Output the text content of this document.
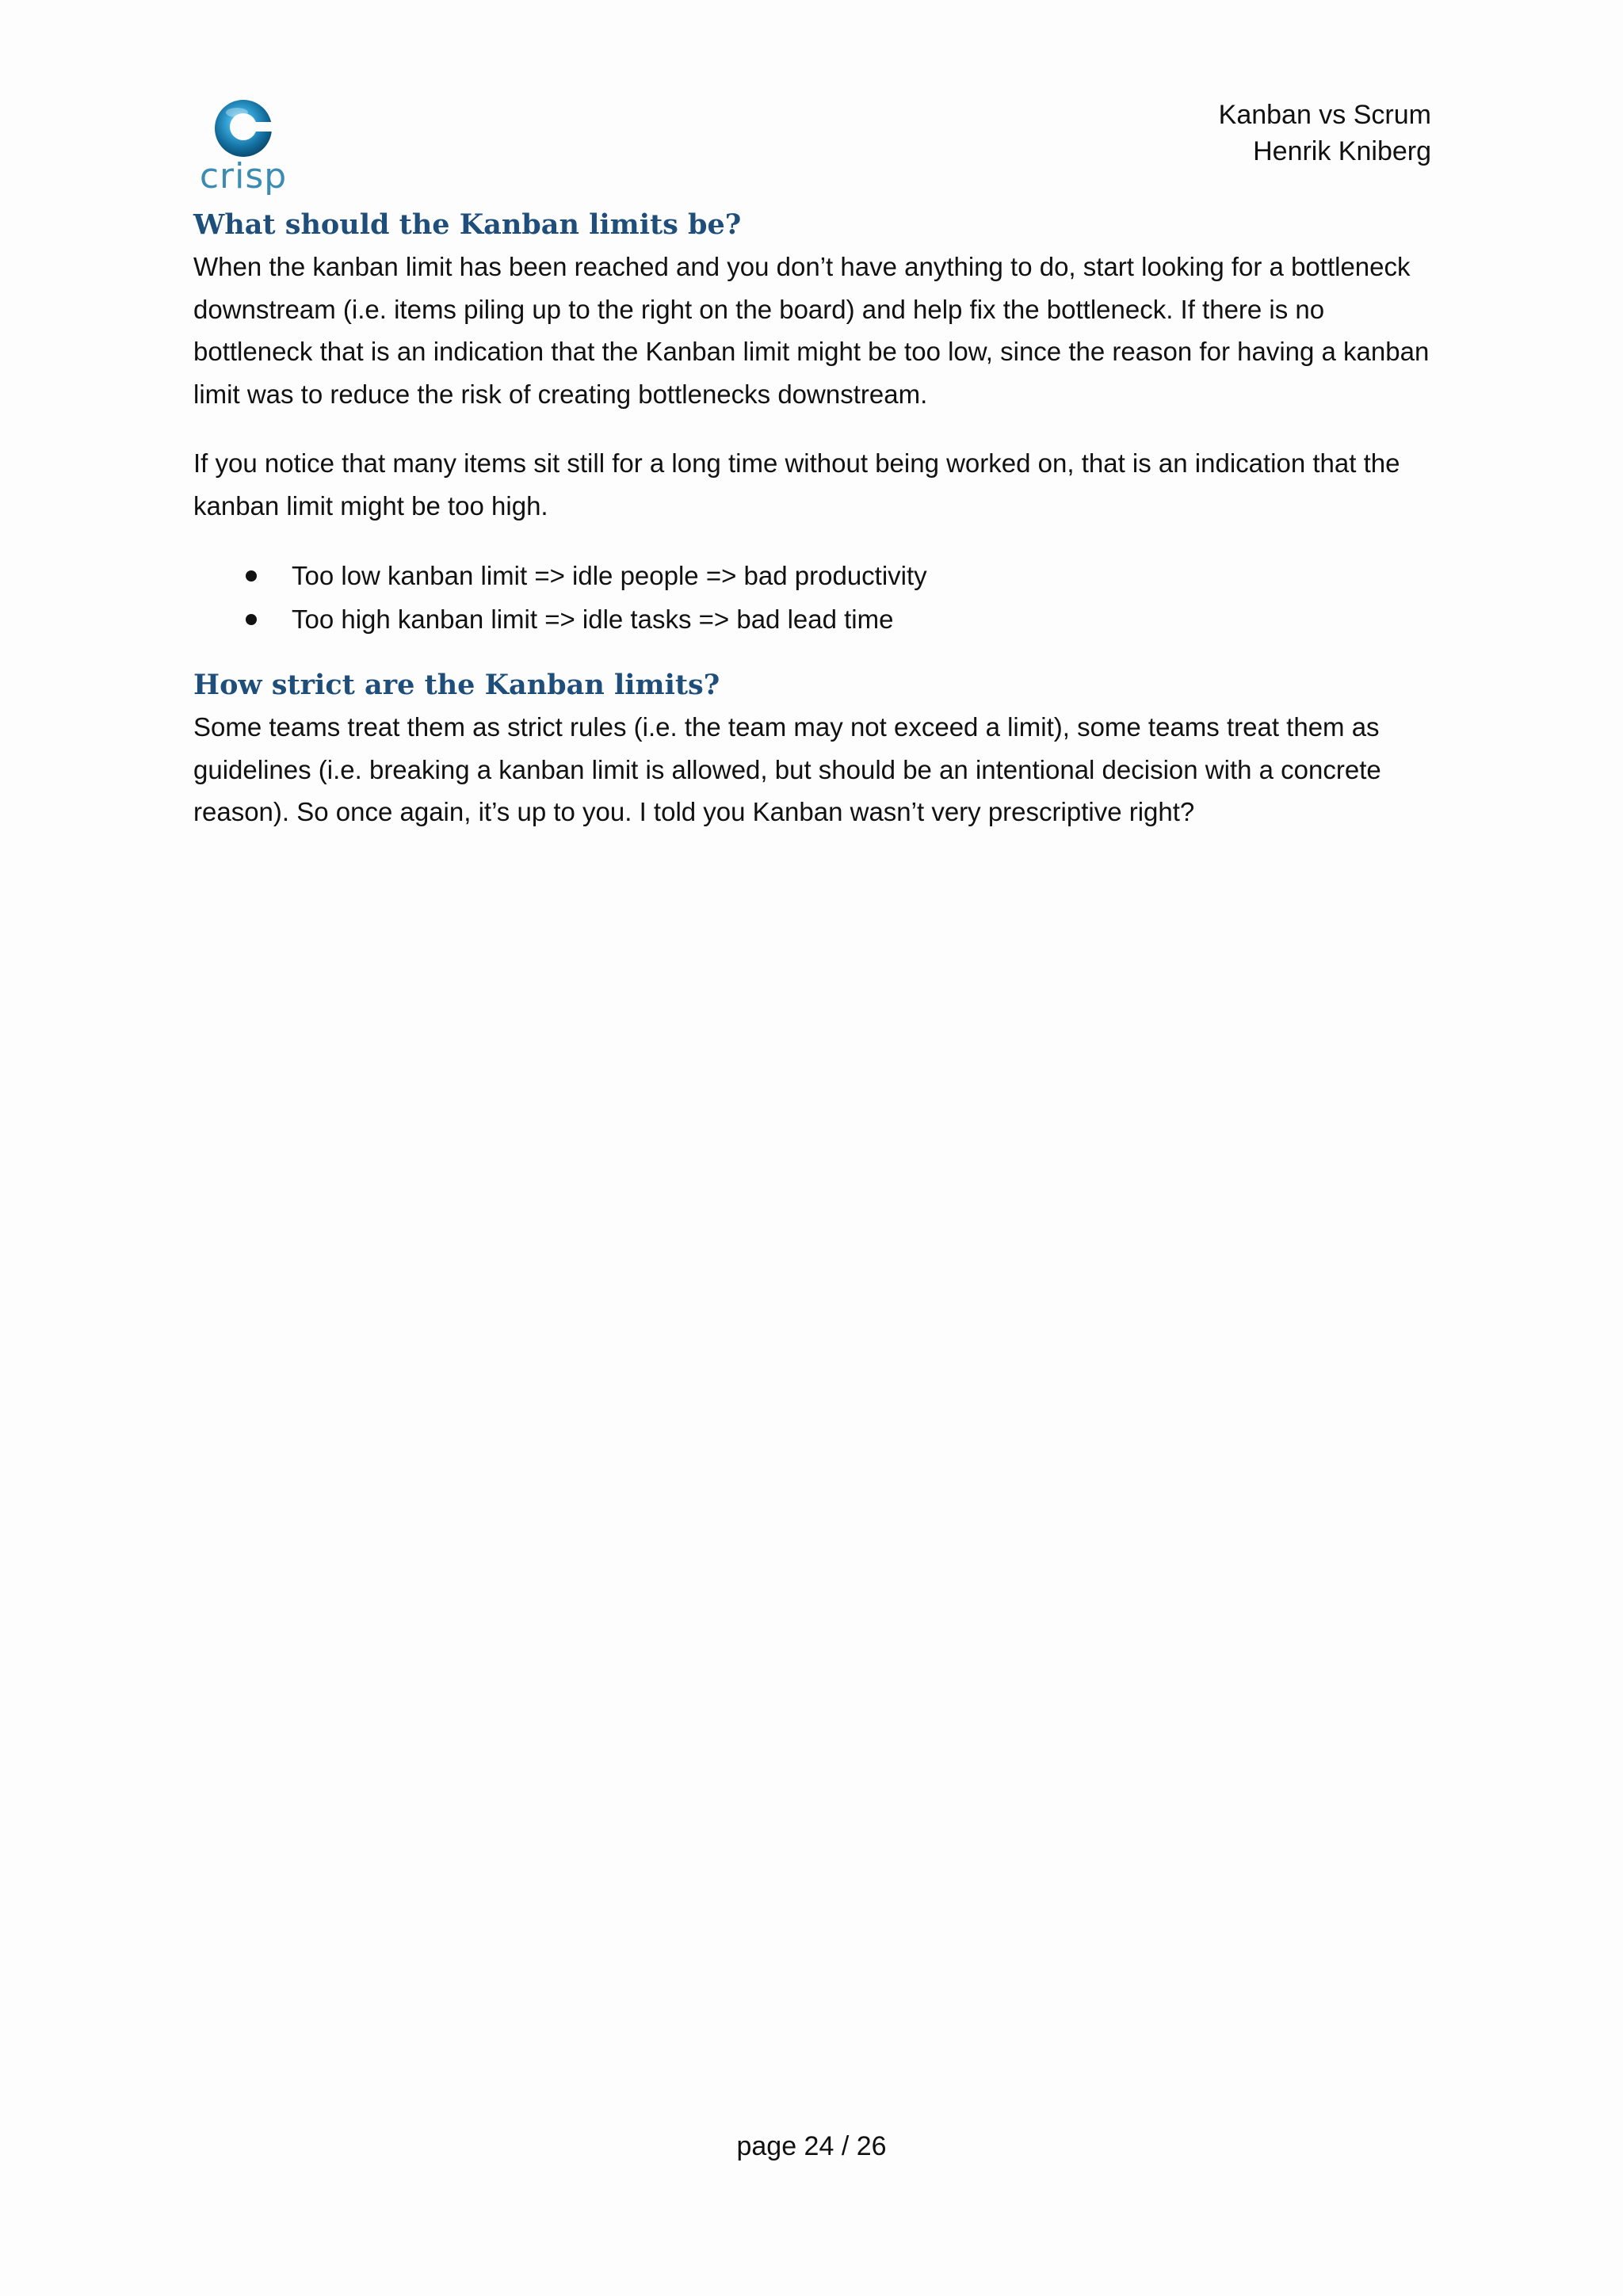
crisp
Kanban vs Scrum
Henrik Kniberg
What should the Kanban limits be?

When the kanban limit has been reached and you don’t have anything to do, start looking for a bottleneck downstream (i.e. items piling up to the right on the board) and help fix the bottleneck. If there is no bottleneck that is an indication that the Kanban limit might be too low, since the reason for having a kanban limit was to reduce the risk of creating bottlenecks downstream.

If you notice that many items sit still for a long time without being worked on, that is an indication that the kanban limit might be too high.

Too low kanban limit => idle people => bad productivity
Too high kanban limit => idle tasks => bad lead time
How strict are the Kanban limits?

Some teams treat them as strict rules (i.e. the team may not exceed a limit), some teams treat them as guidelines (i.e. breaking a kanban limit is allowed, but should be an intentional decision with a concrete reason). So once again, it’s up to you. I told you Kanban wasn’t very prescriptive right?

page 24 / 26
